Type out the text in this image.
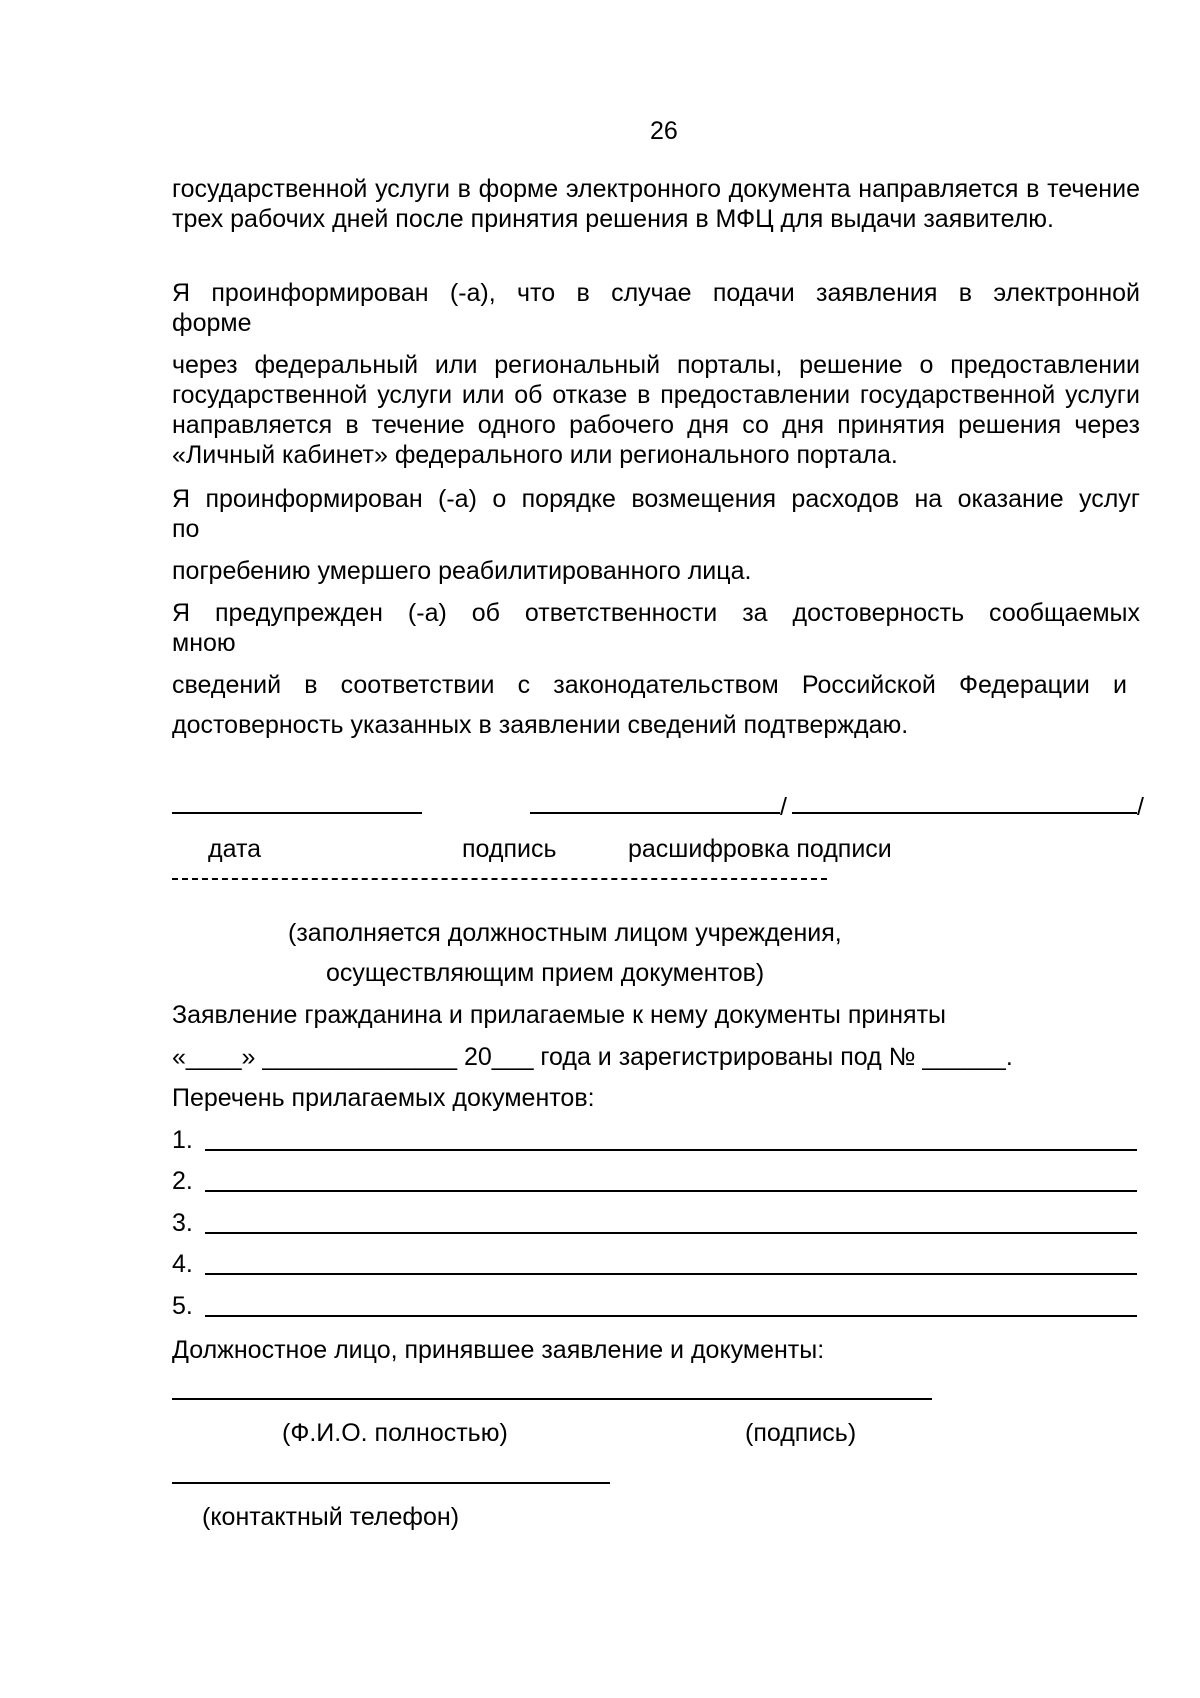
26
государственной услуги в форме электронного документа направляется в течение трех рабочих дней после принятия решения в МФЦ для выдачи заявителю.
Я проинформирован (-а), что в случае подачи заявления в электронной
форме
через федеральный или региональный порталы, решение о предоставлении государственной услуги или об отказе в предоставлении государственной услуги направляется в течение одного рабочего дня со дня принятия решения через «Личный кабинет» федерального или регионального портала.
Я проинформирован (-а) о порядке возмещения расходов на оказание услуг
по
погребению умершего реабилитированного лица.
Я предупрежден (-а) об ответственности за достоверность сообщаемых
мною
сведений в соответствии с законодательством Российской Федерации и
достоверность указанных в заявлении сведений подтверждаю.
/	/
дата	подпись	расшифровка подписи
(заполняется должностным лицом учреждения,
осуществляющим прием документов)
Заявление гражданина и прилагаемые к нему документы приняты
«____» ______________ 20___ года и зарегистрированы под № ______.
Перечень прилагаемых документов:
1.
2.
3.
4.
5.
Должностное лицо, принявшее заявление и документы:
(Ф.И.О. полностью)	(подпись)
(контактный телефон)
